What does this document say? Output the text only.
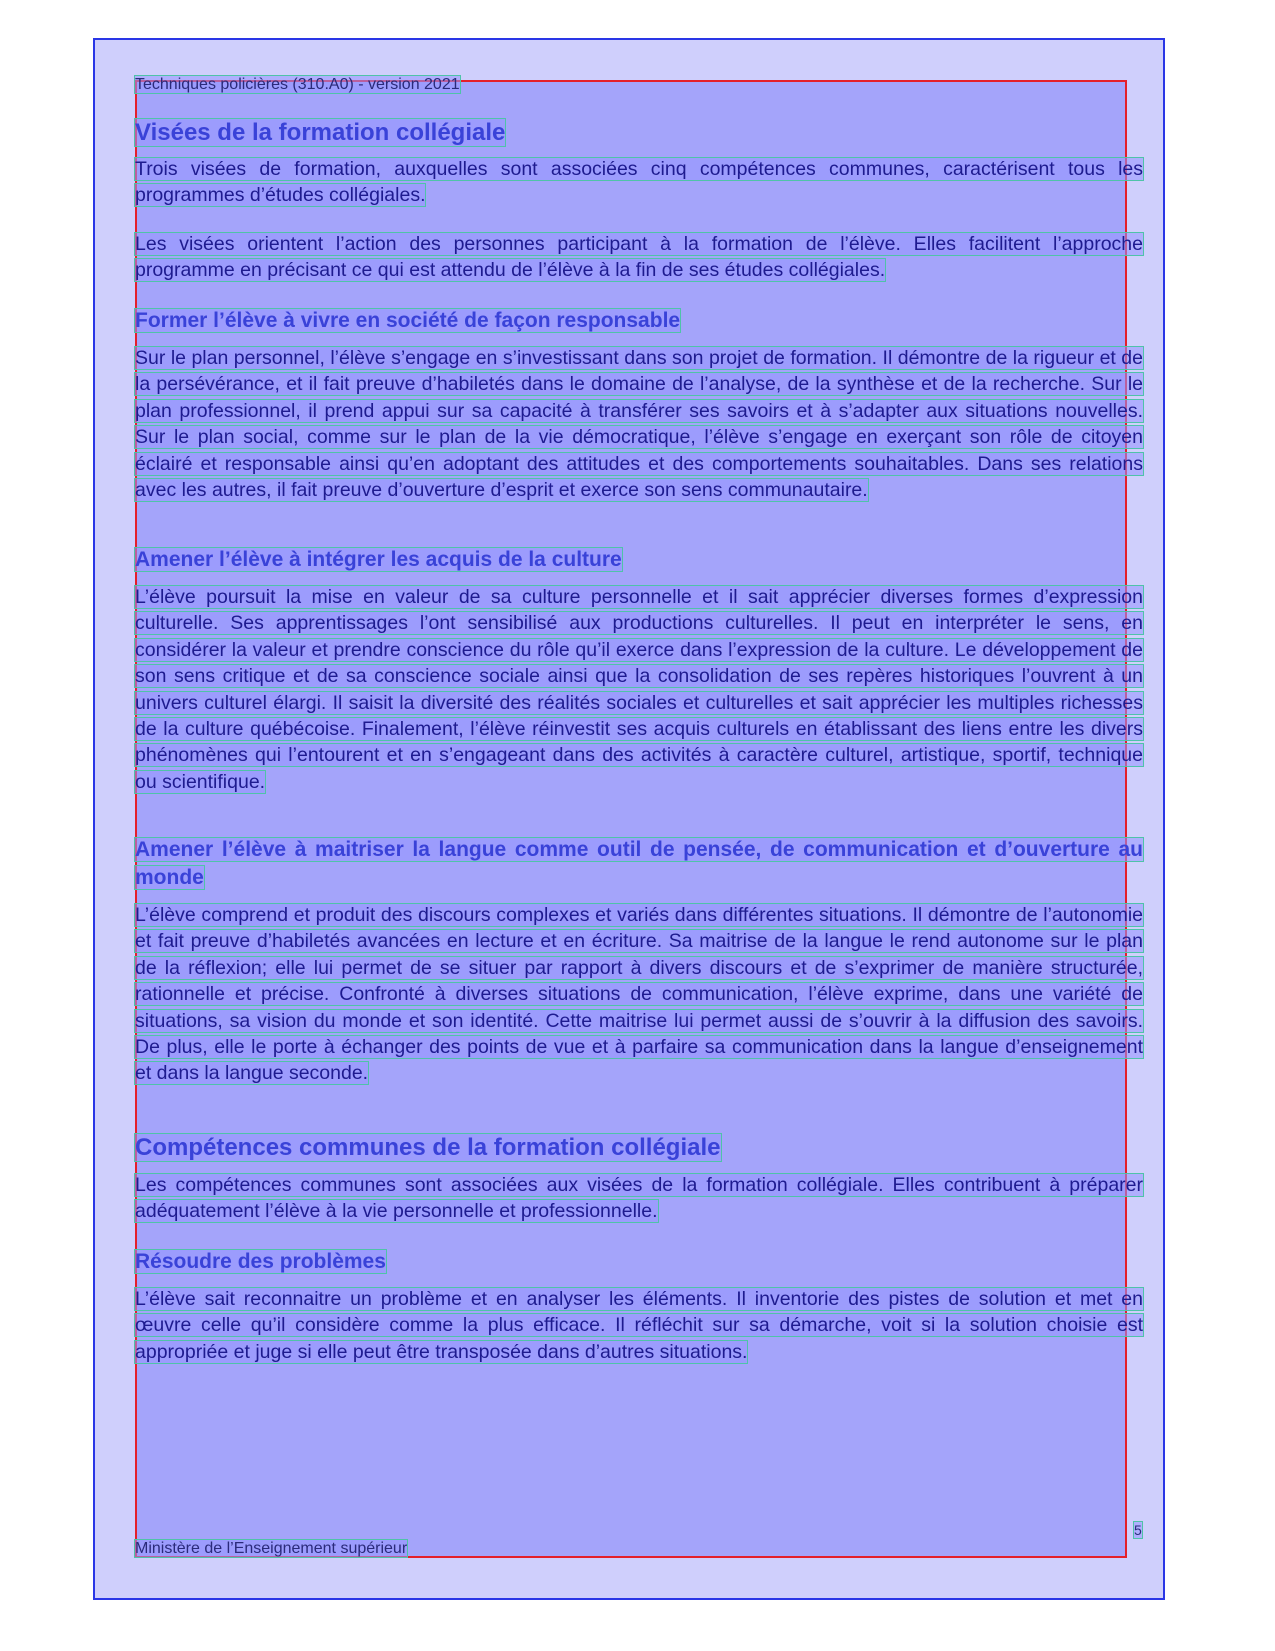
Techniques policières (310.A0) - version 2021
Visées de la formation collégiale

Trois visées de formation, auxquelles sont associées cinq compétences communes, caractérisent tous les programmes d’études collégiales.

Les visées orientent l’action des personnes participant à la formation de l’élève. Elles facilitent l’approche programme en précisant ce qui est attendu de l’élève à la fin de ses études collégiales.

Former l’élève à vivre en société de façon responsable

Sur le plan personnel, l’élève s’engage en s’investissant dans son projet de formation. Il démontre de la rigueur et de la persévérance, et il fait preuve d’habiletés dans le domaine de l’analyse, de la synthèse et de la recherche. Sur le plan professionnel, il prend appui sur sa capacité à transférer ses savoirs et à s’adapter aux situations nouvelles. Sur le plan social, comme sur le plan de la vie démocratique, l’élève s’engage en exerçant son rôle de citoyen éclairé et responsable ainsi qu’en adoptant des attitudes et des comportements souhaitables. Dans ses relations avec les autres, il fait preuve d’ouverture d’esprit et exerce son sens communautaire.

Amener l’élève à intégrer les acquis de la culture

L’élève poursuit la mise en valeur de sa culture personnelle et il sait apprécier diverses formes d’expression culturelle. Ses apprentissages l’ont sensibilisé aux productions culturelles. Il peut en interpréter le sens, en considérer la valeur et prendre conscience du rôle qu’il exerce dans l’expression de la culture. Le développement de son sens critique et de sa conscience sociale ainsi que la consolidation de ses repères historiques l’ouvrent à un univers culturel élargi. Il saisit la diversité des réalités sociales et culturelles et sait apprécier les multiples richesses de la culture québécoise. Finalement, l’élève réinvestit ses acquis culturels en établissant des liens entre les divers phénomènes qui l’entourent et en s’engageant dans des activités à caractère culturel, artistique, sportif, technique ou scientifique.

Amener l’élève à maitriser la langue comme outil de pensée, de communication et d’ouverture au monde

L’élève comprend et produit des discours complexes et variés dans différentes situations. Il démontre de l’autonomie et fait preuve d’habiletés avancées en lecture et en écriture. Sa maitrise de la langue le rend autonome sur le plan de la réflexion; elle lui permet de se situer par rapport à divers discours et de s’exprimer de manière structurée, rationnelle et précise. Confronté à diverses situations de communication, l’élève exprime, dans une variété de situations, sa vision du monde et son identité. Cette maitrise lui permet aussi de s’ouvrir à la diffusion des savoirs. De plus, elle le porte à échanger des points de vue et à parfaire sa communication dans la langue d’enseignement et dans la langue seconde.

Compétences communes de la formation collégiale

Les compétences communes sont associées aux visées de la formation collégiale. Elles contribuent à préparer adéquatement l’élève à la vie personnelle et professionnelle.

Résoudre des problèmes

L’élève sait reconnaitre un problème et en analyser les éléments. Il inventorie des pistes de solution et met en œuvre celle qu’il considère comme la plus efficace. Il réfléchit sur sa démarche, voit si la solution choisie est appropriée et juge si elle peut être transposée dans d’autres situations.

5
Ministère de l’Enseignement supérieur
